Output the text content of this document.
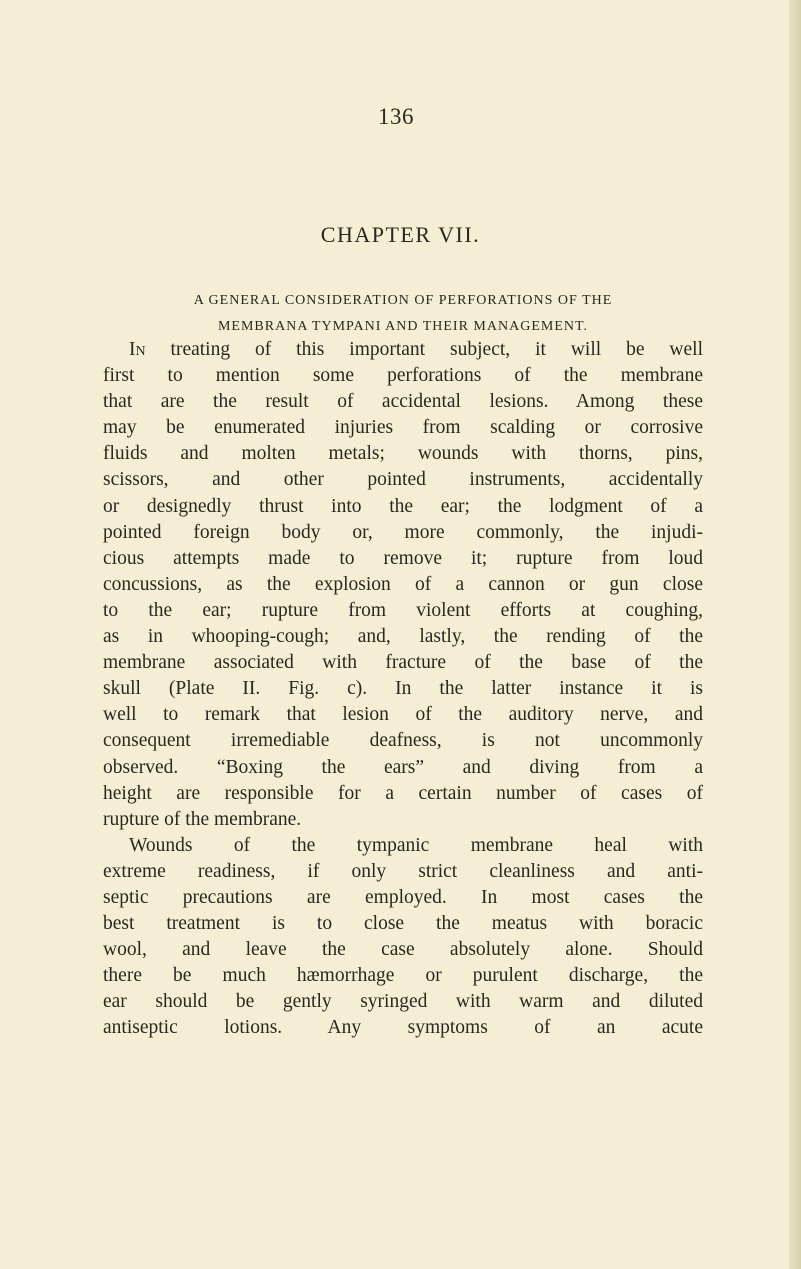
136
CHAPTER VII.
A GENERAL CONSIDERATION OF PERFORATIONS OF THE
MEMBRANA TYMPANI AND THEIR MANAGEMENT.
In treating of this important subject, it will be well
first to mention some perforations of the membrane
that are the result of accidental lesions. Among these
may be enumerated injuries from scalding or corrosive
fluids and molten metals; wounds with thorns, pins,
scissors, and other pointed instruments, accidentally
or designedly thrust into the ear; the lodgment of a
pointed foreign body or, more commonly, the injudi-
cious attempts made to remove it; rupture from loud
concussions, as the explosion of a cannon or gun close
to the ear; rupture from violent efforts at coughing,
as in whooping-cough; and, lastly, the rending of the
membrane associated with fracture of the base of the
skull (Plate II. Fig. c). In the latter instance it is
well to remark that lesion of the auditory nerve, and
consequent irremediable deafness, is not uncommonly
observed. “Boxing the ears” and diving from a
height are responsible for a certain number of cases of
rupture of the membrane.
Wounds of the tympanic membrane heal with
extreme readiness, if only strict cleanliness and anti-
septic precautions are employed. In most cases the
best treatment is to close the meatus with boracic
wool, and leave the case absolutely alone. Should
there be much hæmorrhage or purulent discharge, the
ear should be gently syringed with warm and diluted
antiseptic lotions. Any symptoms of an acute
